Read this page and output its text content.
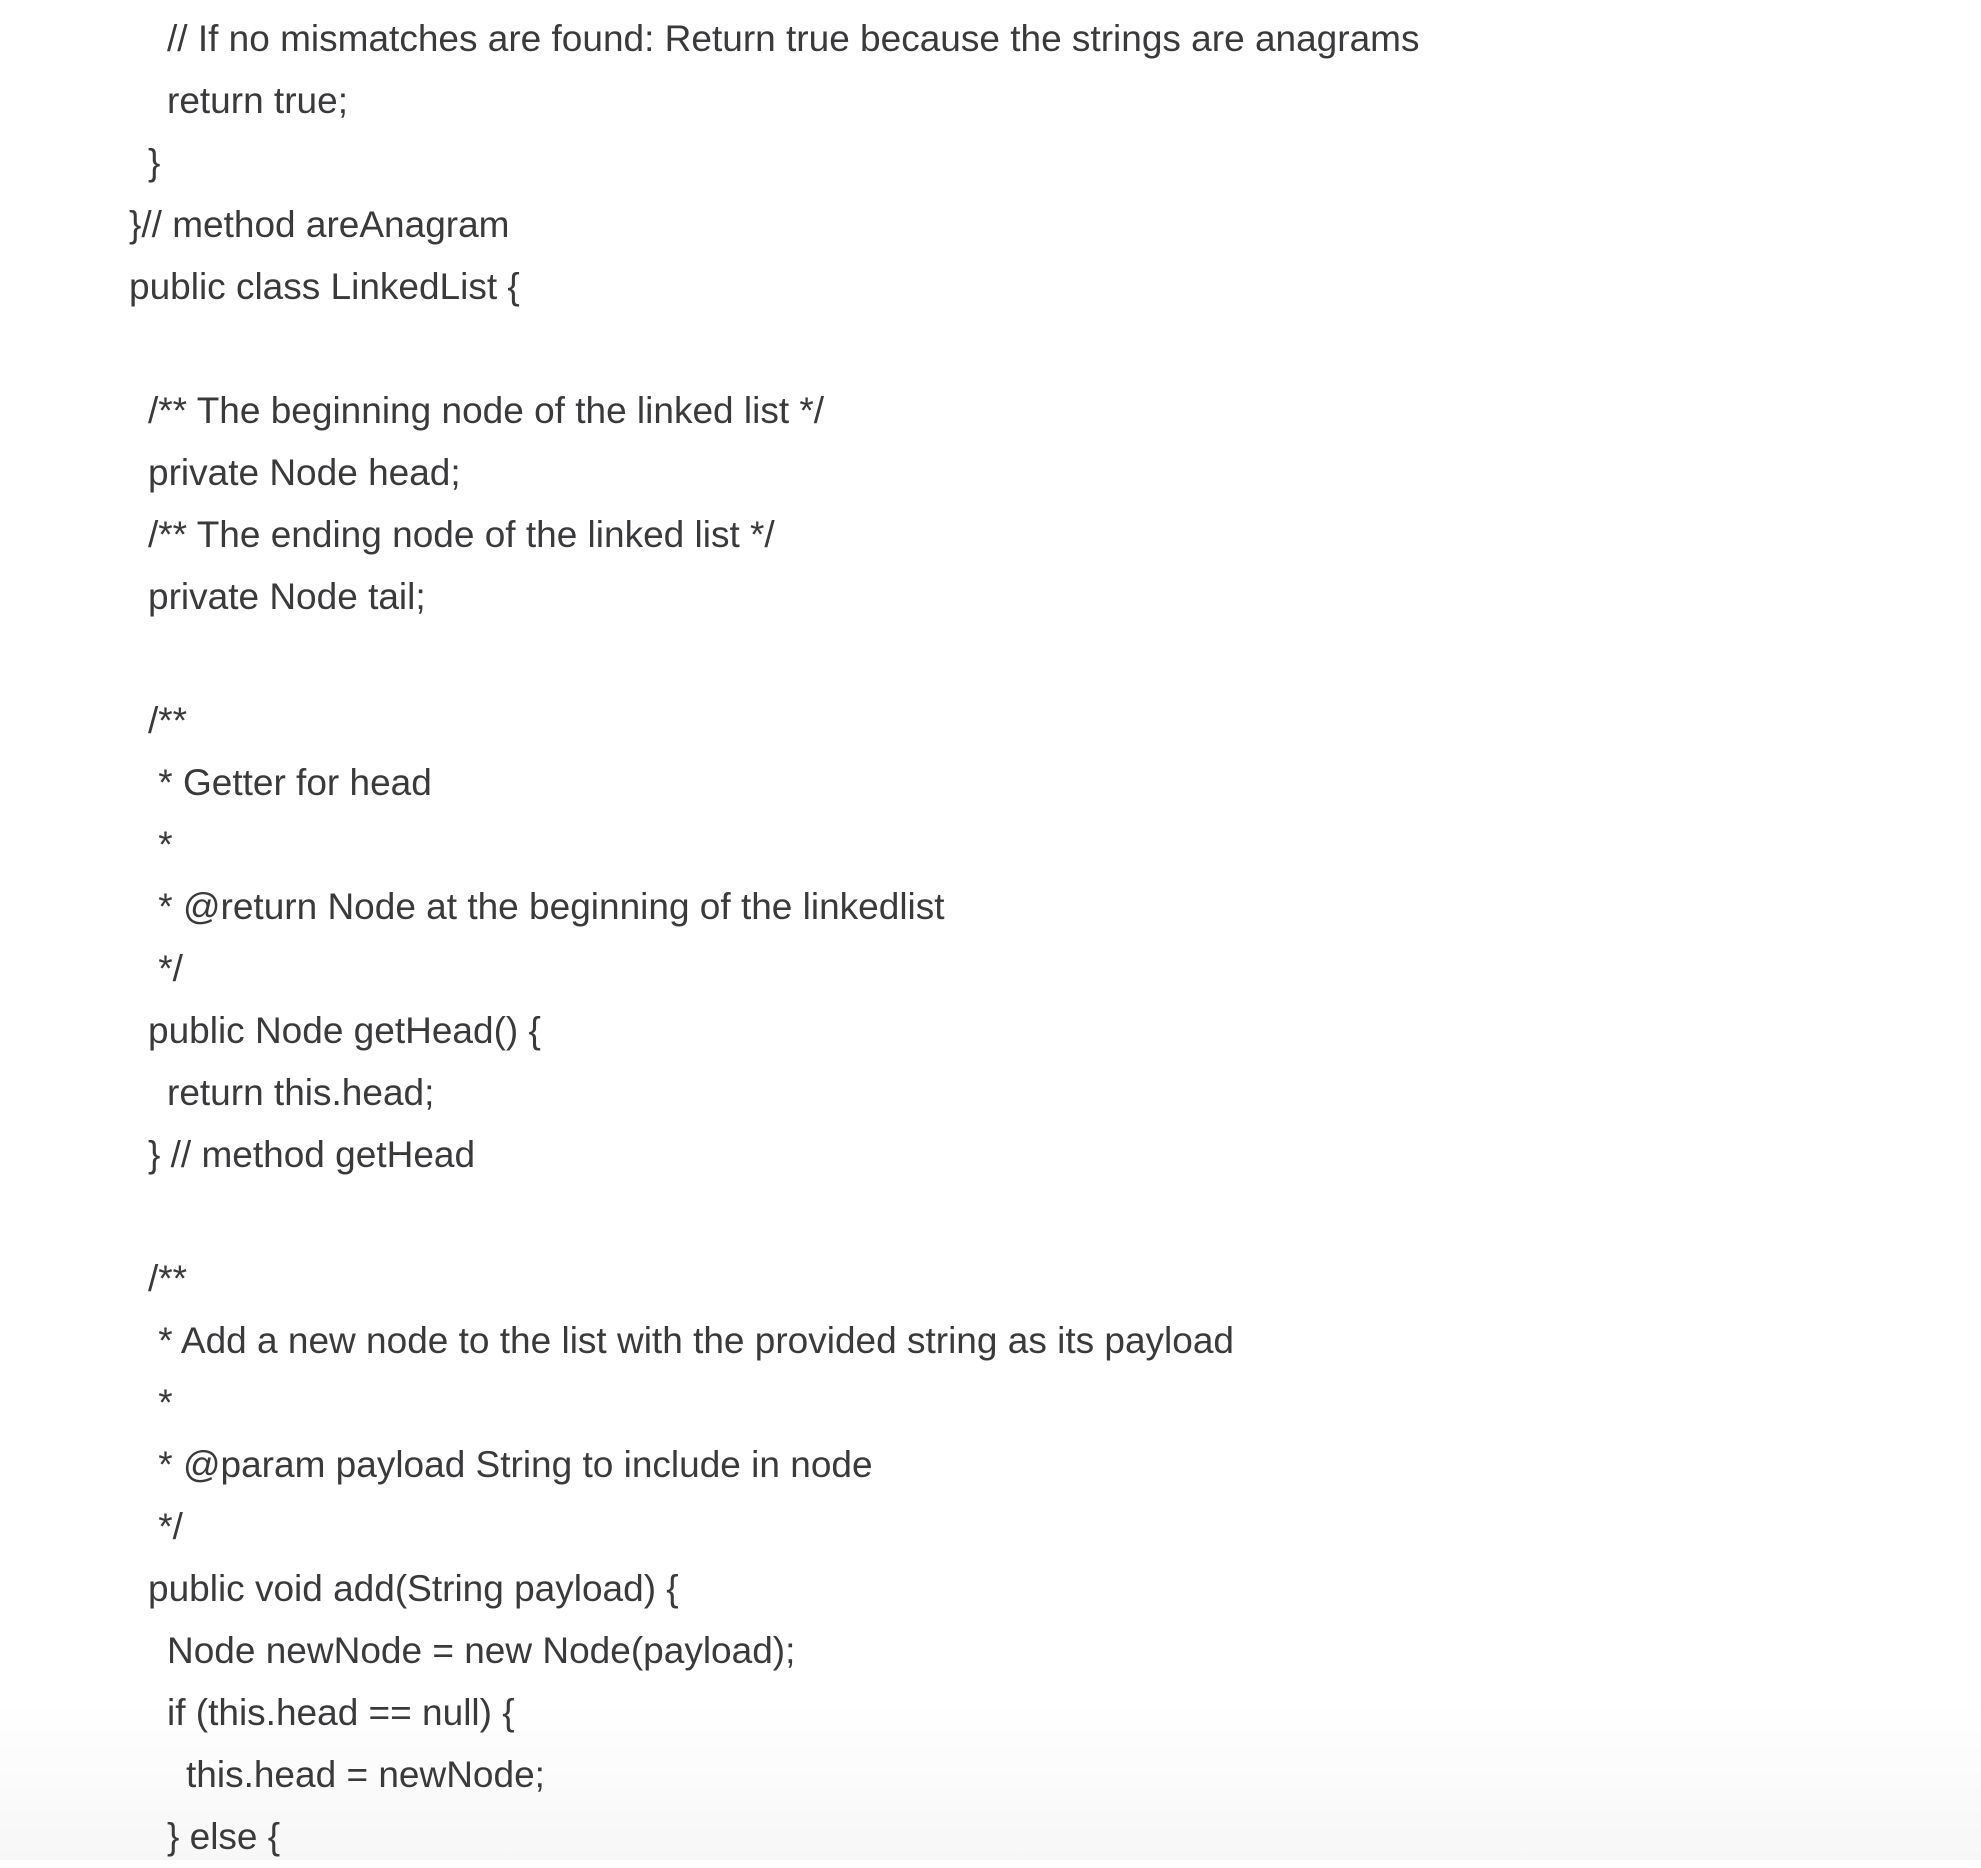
// If no mismatches are found: Return true because the strings are anagrams
return true;
}
}// method areAnagram
public class LinkedList {
/** The beginning node of the linked list */
private Node head;
/** The ending node of the linked list */
private Node tail;
/**
* Getter for head
*
* @return Node at the beginning of the linkedlist
*/
public Node getHead() {
return this.head;
} // method getHead
/**
* Add a new node to the list with the provided string as its payload
*
* @param payload String to include in node
*/
public void add(String payload) {
Node newNode = new Node(payload);
if (this.head == null) {
this.head = newNode;
} else {
